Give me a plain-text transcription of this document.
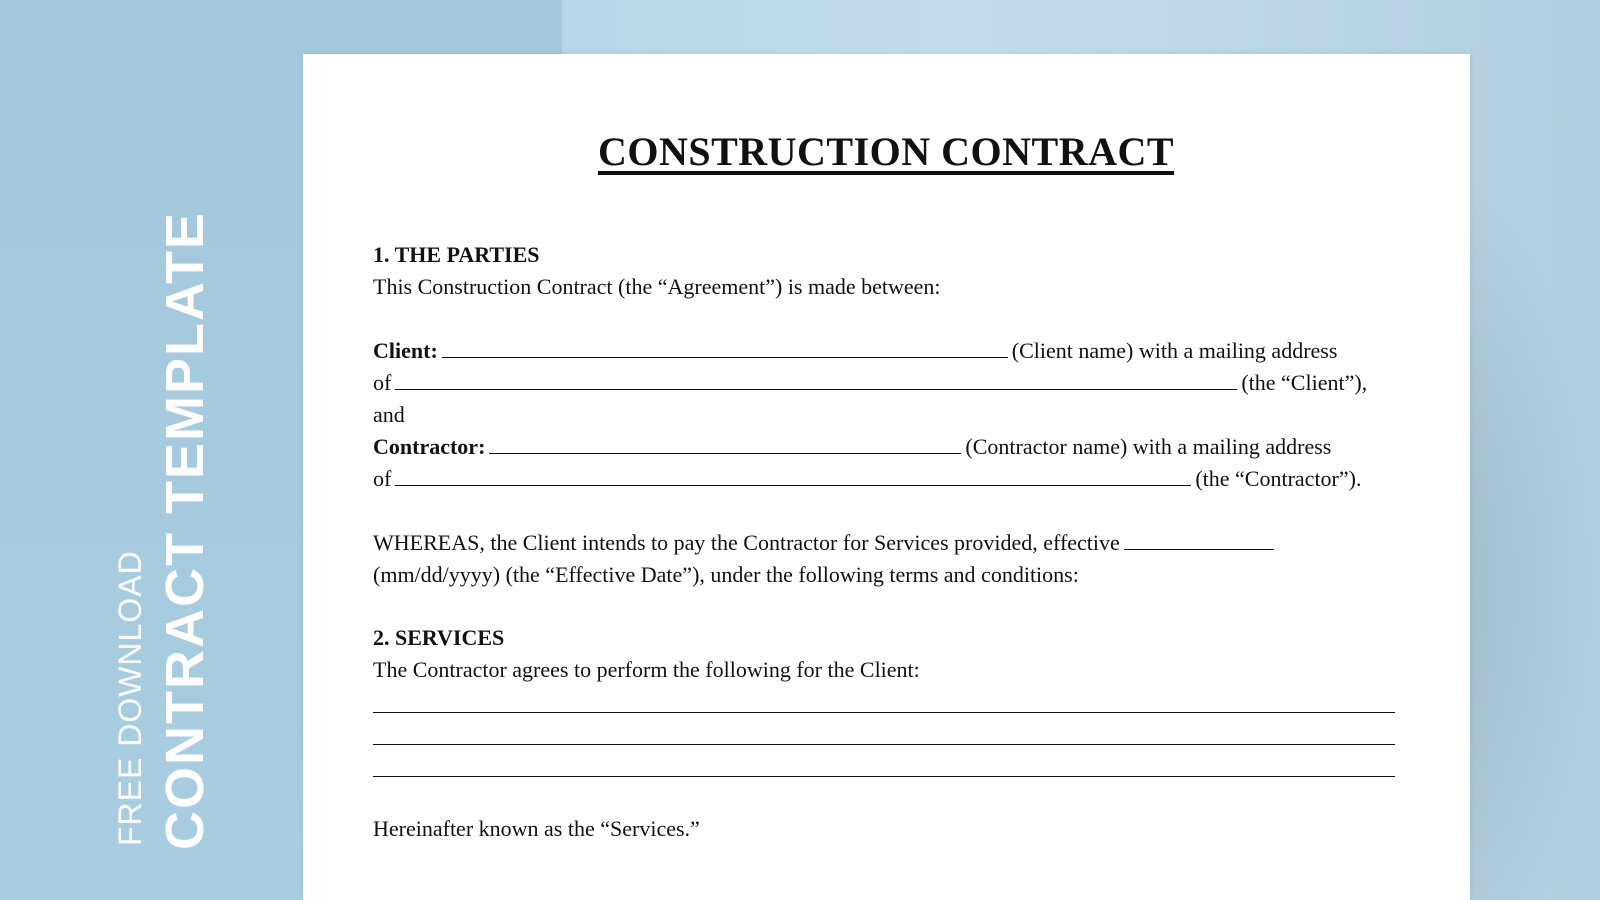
FREE DOWNLOAD CONTRACT TEMPLATE
CONSTRUCTION CONTRACT
1. THE PARTIES
This Construction Contract (the “Agreement”) is made between:
Client:	(Client name) with a mailing address
of	(the “Client”),
and
Contractor:	(Contractor name) with a mailing address
of	(the “Contractor”).
WHEREAS, the Client intends to pay the Contractor for Services provided, effective
(mm/dd/yyyy) (the “Effective Date”), under the following terms and conditions:
2. SERVICES
The Contractor agrees to perform the following for the Client:
Hereinafter known as the “Services.”
